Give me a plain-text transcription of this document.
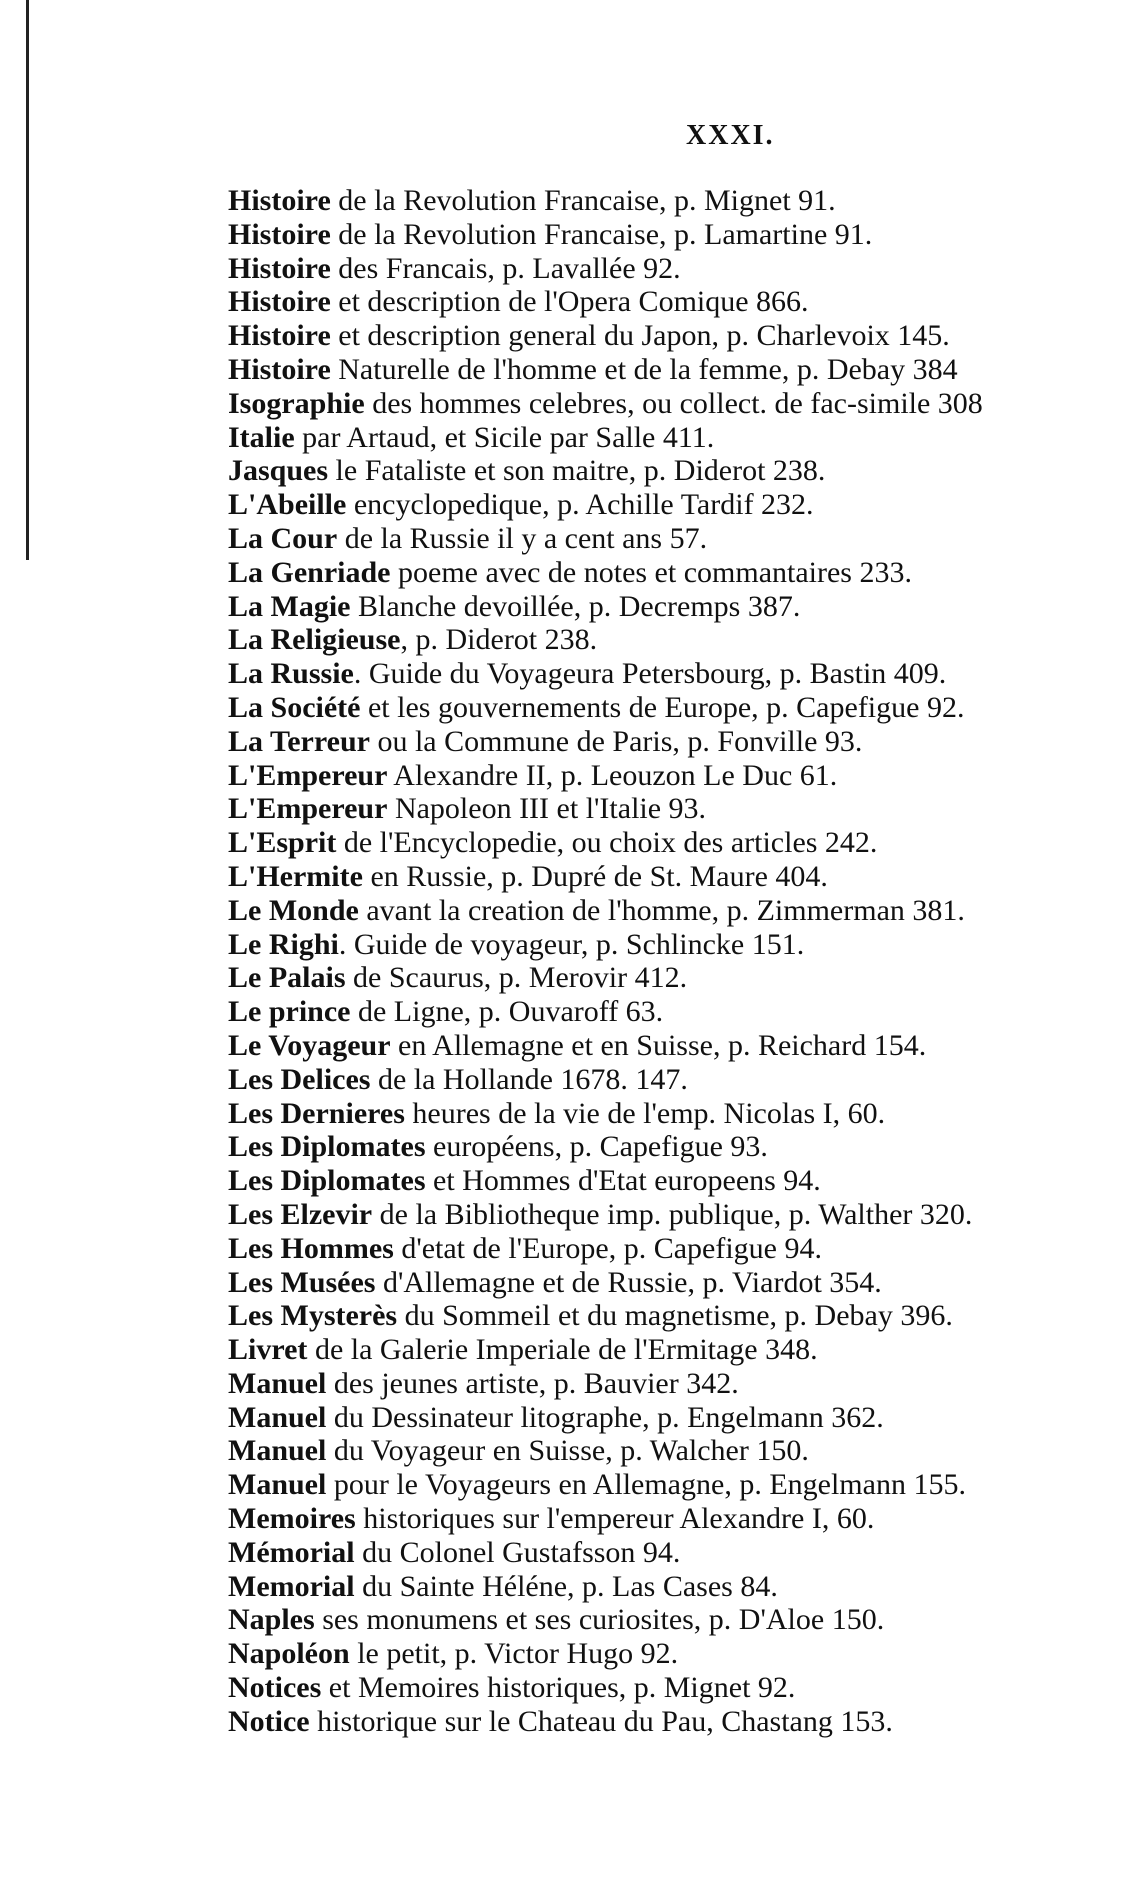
XXXI.
Histoire de la Revolution Francaise, p. Mignet 91.
Histoire de la Revolution Francaise, p. Lamartine 91.
Histoire des Francais, p. Lavallée 92.
Histoire et description de l'Opera Comique 866.
Histoire et description general du Japon, p. Charlevoix 145.
Histoire Naturelle de l'homme et de la femme, p. Debay 384
Isographie des hommes celebres, ou collect. de fac-simile 308
Italie par Artaud, et Sicile par Salle 411.
Jasques le Fataliste et son maitre, p. Diderot 238.
L'Abeille encyclopedique, p. Achille Tardif 232.
La Cour de la Russie il y a cent ans 57.
La Genriade poeme avec de notes et commantaires 233.
La Magie Blanche devoillée, p. Decremps 387.
La Religieuse, p. Diderot 238.
La Russie. Guide du Voyageura Petersbourg, p. Bastin 409.
La Société et les gouvernements de Europe, p. Capefigue 92.
La Terreur ou la Commune de Paris, p. Fonville 93.
L'Empereur Alexandre II, p. Leouzon Le Duc 61.
L'Empereur Napoleon III et l'Italie 93.
L'Esprit de l'Encyclopedie, ou choix des articles 242.
L'Hermite en Russie, p. Dupré de St. Maure 404.
Le Monde avant la creation de l'homme, p. Zimmerman 381.
Le Righi. Guide de voyageur, p. Schlincke 151.
Le Palais de Scaurus, p. Merovir 412.
Le prince de Ligne, p. Ouvaroff 63.
Le Voyageur en Allemagne et en Suisse, p. Reichard 154.
Les Delices de la Hollande 1678. 147.
Les Dernieres heures de la vie de l'emp. Nicolas I, 60.
Les Diplomates européens, p. Capefigue 93.
Les Diplomates et Hommes d'Etat europeens 94.
Les Elzevir de la Bibliotheque imp. publique, p. Walther 320.
Les Hommes d'etat de l'Europe, p. Capefigue 94.
Les Musées d'Allemagne et de Russie, p. Viardot 354.
Les Mysterès du Sommeil et du magnetisme, p. Debay 396.
Livret de la Galerie Imperiale de l'Ermitage 348.
Manuel des jeunes artiste, p. Bauvier 342.
Manuel du Dessinateur litographe, p. Engelmann 362.
Manuel du Voyageur en Suisse, p. Walcher 150.
Manuel pour le Voyageurs en Allemagne, p. Engelmann 155.
Memoires historiques sur l'empereur Alexandre I, 60.
Mémorial du Colonel Gustafsson 94.
Memorial du Sainte Héléne, p. Las Cases 84.
Naples ses monumens et ses curiosites, p. D'Aloe 150.
Napoléon le petit, p. Victor Hugo 92.
Notices et Memoires historiques, p. Mignet 92.
Notice historique sur le Chateau du Pau, Chastang 153.
